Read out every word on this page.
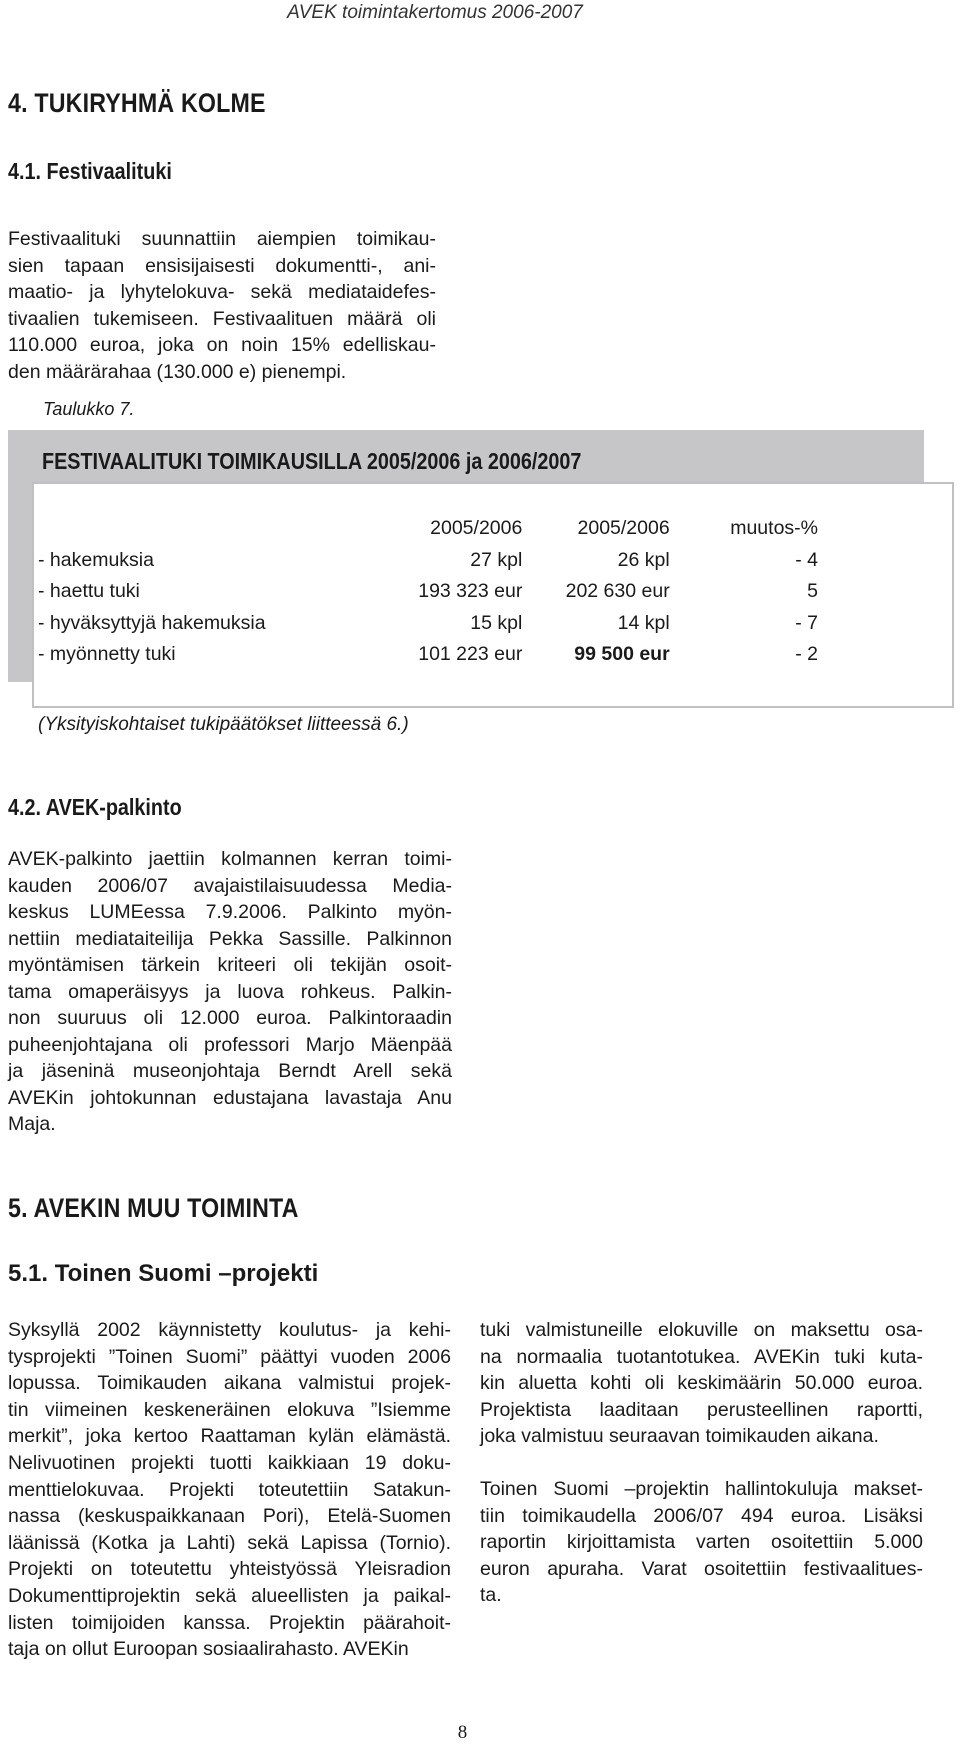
AVEK toimintakertomus 2006-2007
4. TUKIRYHMÄ KOLME
4.1. Festivaalituki
Festivaalituki suunnattiin aiempien toimikau-
sien tapaan ensisijaisesti dokumentti-, ani-
maatio- ja lyhytelokuva- sekä mediataidefes-
tivaalien tukemiseen. Festivaalituen määrä oli
110.000 euroa, joka on noin 15% edelliskau-
den määrärahaa (130.000 e) pienempi.
Taulukko 7.
FESTIVAALITUKI TOIMIKAUSILLA 2005/2006 ja 2006/2007
	2005/2006	2005/2006	muutos-%
- hakemuksia	27 kpl	26 kpl	- 4
- haettu tuki	193 323 eur	202 630 eur	5
- hyväksyttyjä hakemuksia	15 kpl	14 kpl	- 7
- myönnetty tuki	101 223 eur	99 500 eur	- 2
(Yksityiskohtaiset tukipäätökset liitteessä 6.)
4.2. AVEK-palkinto
AVEK-palkinto jaettiin kolmannen kerran toimi-
kauden 2006/07 avajaistilaisuudessa Media-
keskus LUMEessa 7.9.2006. Palkinto myön-
nettiin mediataiteilija Pekka Sassille. Palkinnon
myöntämisen tärkein kriteeri oli tekijän osoit-
tama omaperäisyys ja luova rohkeus. Palkin-
non suuruus oli 12.000 euroa. Palkintoraadin
puheenjohtajana oli professori Marjo Mäenpää
ja jäseninä museonjohtaja Berndt Arell sekä
AVEKin johtokunnan edustajana lavastaja Anu
Maja.
5. AVEKIN MUU TOIMINTA
5.1. Toinen Suomi –projekti
Syksyllä 2002 käynnistetty koulutus- ja kehi-
tysprojekti ”Toinen Suomi” päättyi vuoden 2006
lopussa. Toimikauden aikana valmistui projek-
tin viimeinen keskeneräinen elokuva ”Isiemme
merkit”, joka kertoo Raattaman kylän elämästä.
Nelivuotinen projekti tuotti kaikkiaan 19 doku-
menttielokuvaa. Projekti toteutettiin Satakun-
nassa (keskuspaikkanaan Pori), Etelä-Suomen
läänissä (Kotka ja Lahti) sekä Lapissa (Tornio).
Projekti on toteutettu yhteistyössä Yleisradion
Dokumenttiprojektin sekä alueellisten ja paikal-
listen toimijoiden kanssa. Projektin päärahoit-
taja on ollut Euroopan sosiaalirahasto. AVEKin
tuki valmistuneille elokuville on maksettu osa-
na normaalia tuotantotukea. AVEKin tuki kuta-
kin aluetta kohti oli keskimäärin 50.000 euroa.
Projektista laaditaan perusteellinen raportti,
joka valmistuu seuraavan toimikauden aikana.
Toinen Suomi –projektin hallintokuluja makset-
tiin toimikaudella 2006/07 494 euroa. Lisäksi
raportin kirjoittamista varten osoitettiin 5.000
euron apuraha. Varat osoitettiin festivaalitues-
ta.
8
